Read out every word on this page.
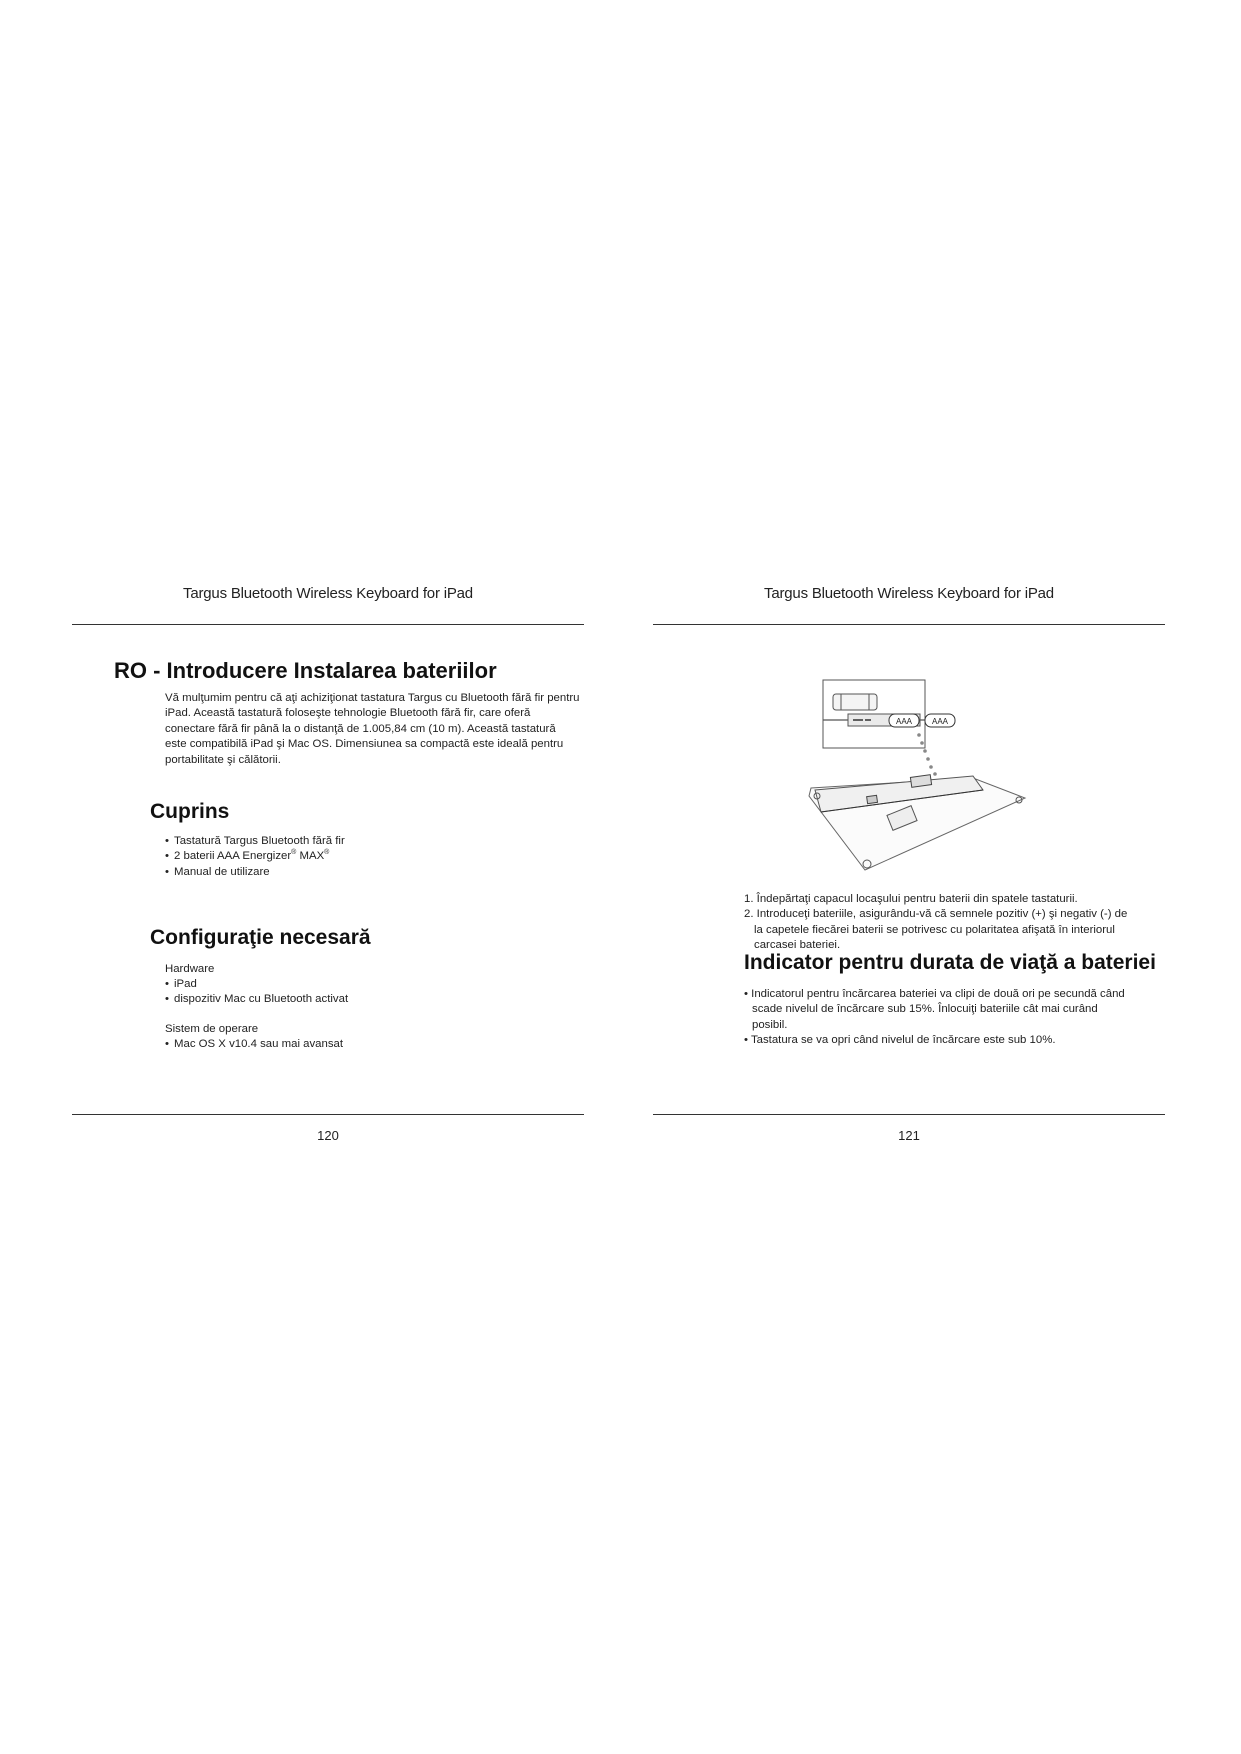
Targus Bluetooth Wireless Keyboard for iPad
RO - Introducere Instalarea bateriilor

Vă mulţumim pentru că aţi achiziţionat tastatura Targus cu Bluetooth fără fir pentru iPad. Această tastatură foloseşte tehnologie Bluetooth fără fir, care oferă conectare fără fir până la o distanţă de 1.005,84 cm (10 m). Această tastatură este compatibilă iPad şi Mac OS. Dimensiunea sa compactă este ideală pentru portabilitate şi călătorii.

Cuprins
• Tastatură Targus Bluetooth fără fir
• 2 baterii AAA Energizer® MAX®
• Manual de utilizare
Configuraţie necesară

Hardware

• iPad
• dispozitiv Mac cu Bluetooth activat

Sistem de operare

• Mac OS X v10.4 sau mai avansat
120
Targus Bluetooth Wireless Keyboard for iPad
AAA AAA
1. Îndepărtaţi capacul locaşului pentru baterii din spatele tastaturii.
2. Introduceţi bateriile, asigurându-vă că semnele pozitiv (+) şi negativ (-) de la capetele fiecărei baterii se potrivesc cu polaritatea afişată în interiorul carcasei bateriei.
Indicator pentru durata de viaţă a bateriei
• Indicatorul pentru încărcarea bateriei va clipi de două ori pe secundă când scade nivelul de încărcare sub 15%. Înlocuiţi bateriile cât mai curând posibil.
• Tastatura se va opri când nivelul de încărcare este sub 10%.
121
